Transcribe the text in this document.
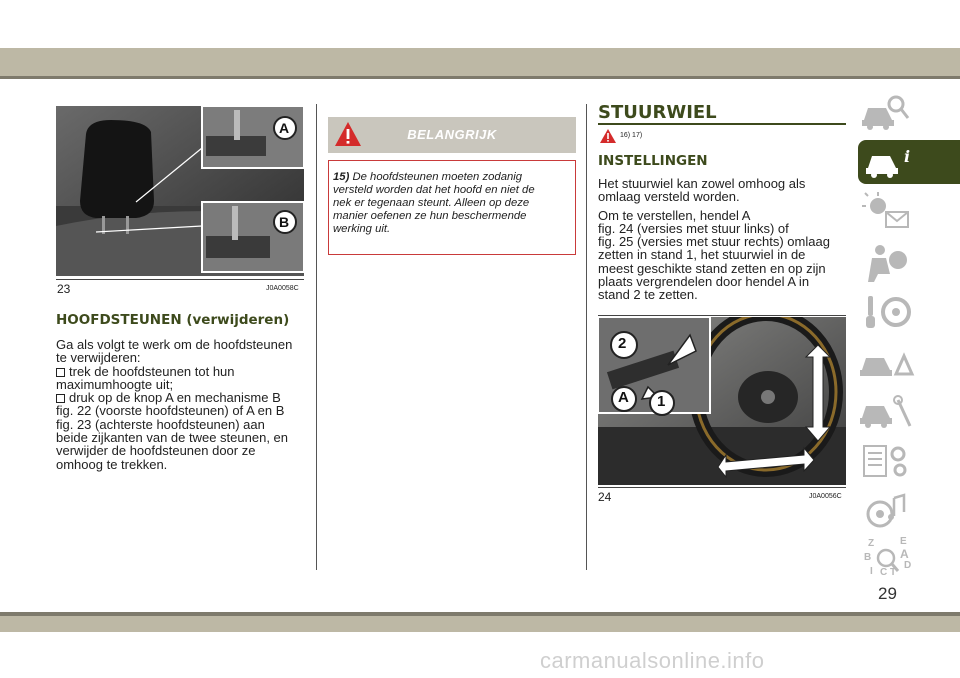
A
B
23	J0A0058C
HOOFDSTEUNEN (verwijderen)
Ga als volgt te werk om de hoofdsteunen
te verwijderen:
trek de hoofdsteunen tot hun
maximumhoogte uit;
druk op de knop A en mechanisme B
fig. 22 (voorste hoofdsteunen) of A en B
fig. 23 (achterste hoofdsteunen) aan
beide zijkanten van de twee steunen, en
verwijder de hoofdsteunen door ze
omhoog te trekken.
BELANGRIJK
15) De hoofdsteunen moeten zodanig
versteld worden dat het hoofd en niet de
nek er tegenaan steunt. Alleen op deze
manier oefenen ze hun beschermende
werking uit.
STUURWIEL
16) 17)
INSTELLINGEN

Het stuurwiel kan zowel omhoog als
omlaag versteld worden.

Om te verstellen, hendel A
fig. 24 (versies met stuur links) of
fig. 25 (versies met stuur rechts) omlaag
zetten in stand 1, het stuurwiel in de
meest geschikte stand zetten en op zijn
plaats vergrendelen door hendel A in
stand 2 te zetten.
2
A 1
24	J0A0056C
i
Z	E
B A
I C T
D
29
carmanualsonline.info
